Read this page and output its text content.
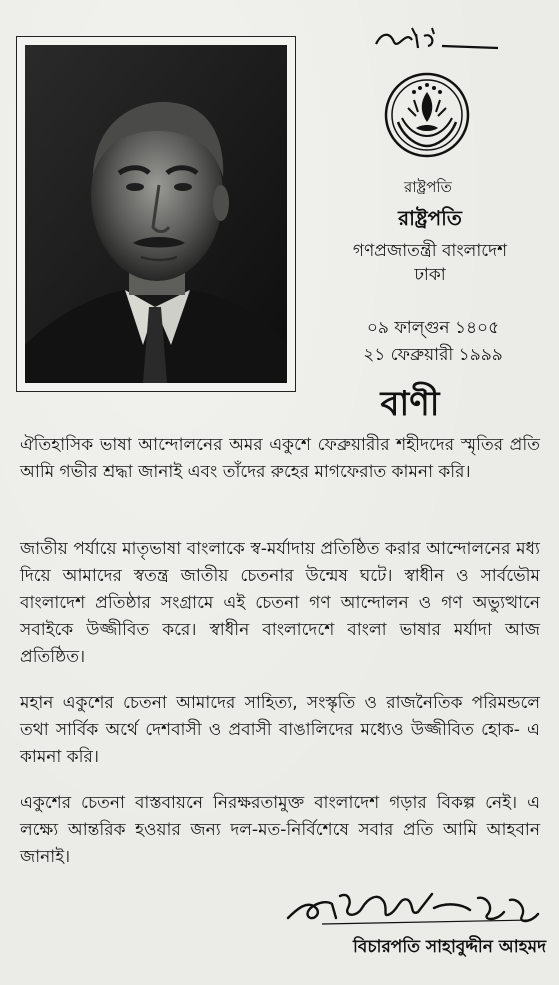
রাষ্ট্রপতি
রাষ্ট্রপতি
গণপ্রজাতন্ত্রী বাংলাদেশ
ঢাকা
০৯ ফাল্গুন ১৪০৫
২১ ফেব্রুয়ারী ১৯৯৯
বাণী
ঐতিহাসিক ভাষা আন্দোলনের অমর একুশে ফেব্রুয়ারীর শহীদদের স্মৃতির প্রতি আমি গভীর শ্রদ্ধা জানাই এবং তাঁদের রুহের মাগফেরাত কামনা করি।
জাতীয় পর্যায়ে মাতৃভাষা বাংলাকে স্ব-মর্যাদায় প্রতিষ্ঠিত করার আন্দোলনের মধ্য দিয়ে আমাদের স্বতন্ত্র জাতীয় চেতনার উন্মেষ ঘটে। স্বাধীন ও সার্বভৌম বাংলাদেশ প্রতিষ্ঠার সংগ্রামে এই চেতনা গণ আন্দোলন ও গণ অভ্যুত্থানে সবাইকে উজ্জীবিত করে। স্বাধীন বাংলাদেশে বাংলা ভাষার মর্যাদা আজ প্রতিষ্ঠিত।
মহান একুশের চেতনা আমাদের সাহিত্য, সংস্কৃতি ও রাজনৈতিক পরিমন্ডলে তথা সার্বিক অর্থে দেশবাসী ও প্রবাসী বাঙালিদের মধ্যেও উজ্জীবিত হোক- এ কামনা করি।
একুশের চেতনা বাস্তবায়নে নিরক্ষরতামুক্ত বাংলাদেশ গড়ার বিকল্প নেই। এ লক্ষ্যে আন্তরিক হওয়ার জন্য দল-মত-নির্বিশেষে সবার প্রতি আমি আহবান জানাই।
বিচারপতি সাহাবুদ্দীন আহমদ
